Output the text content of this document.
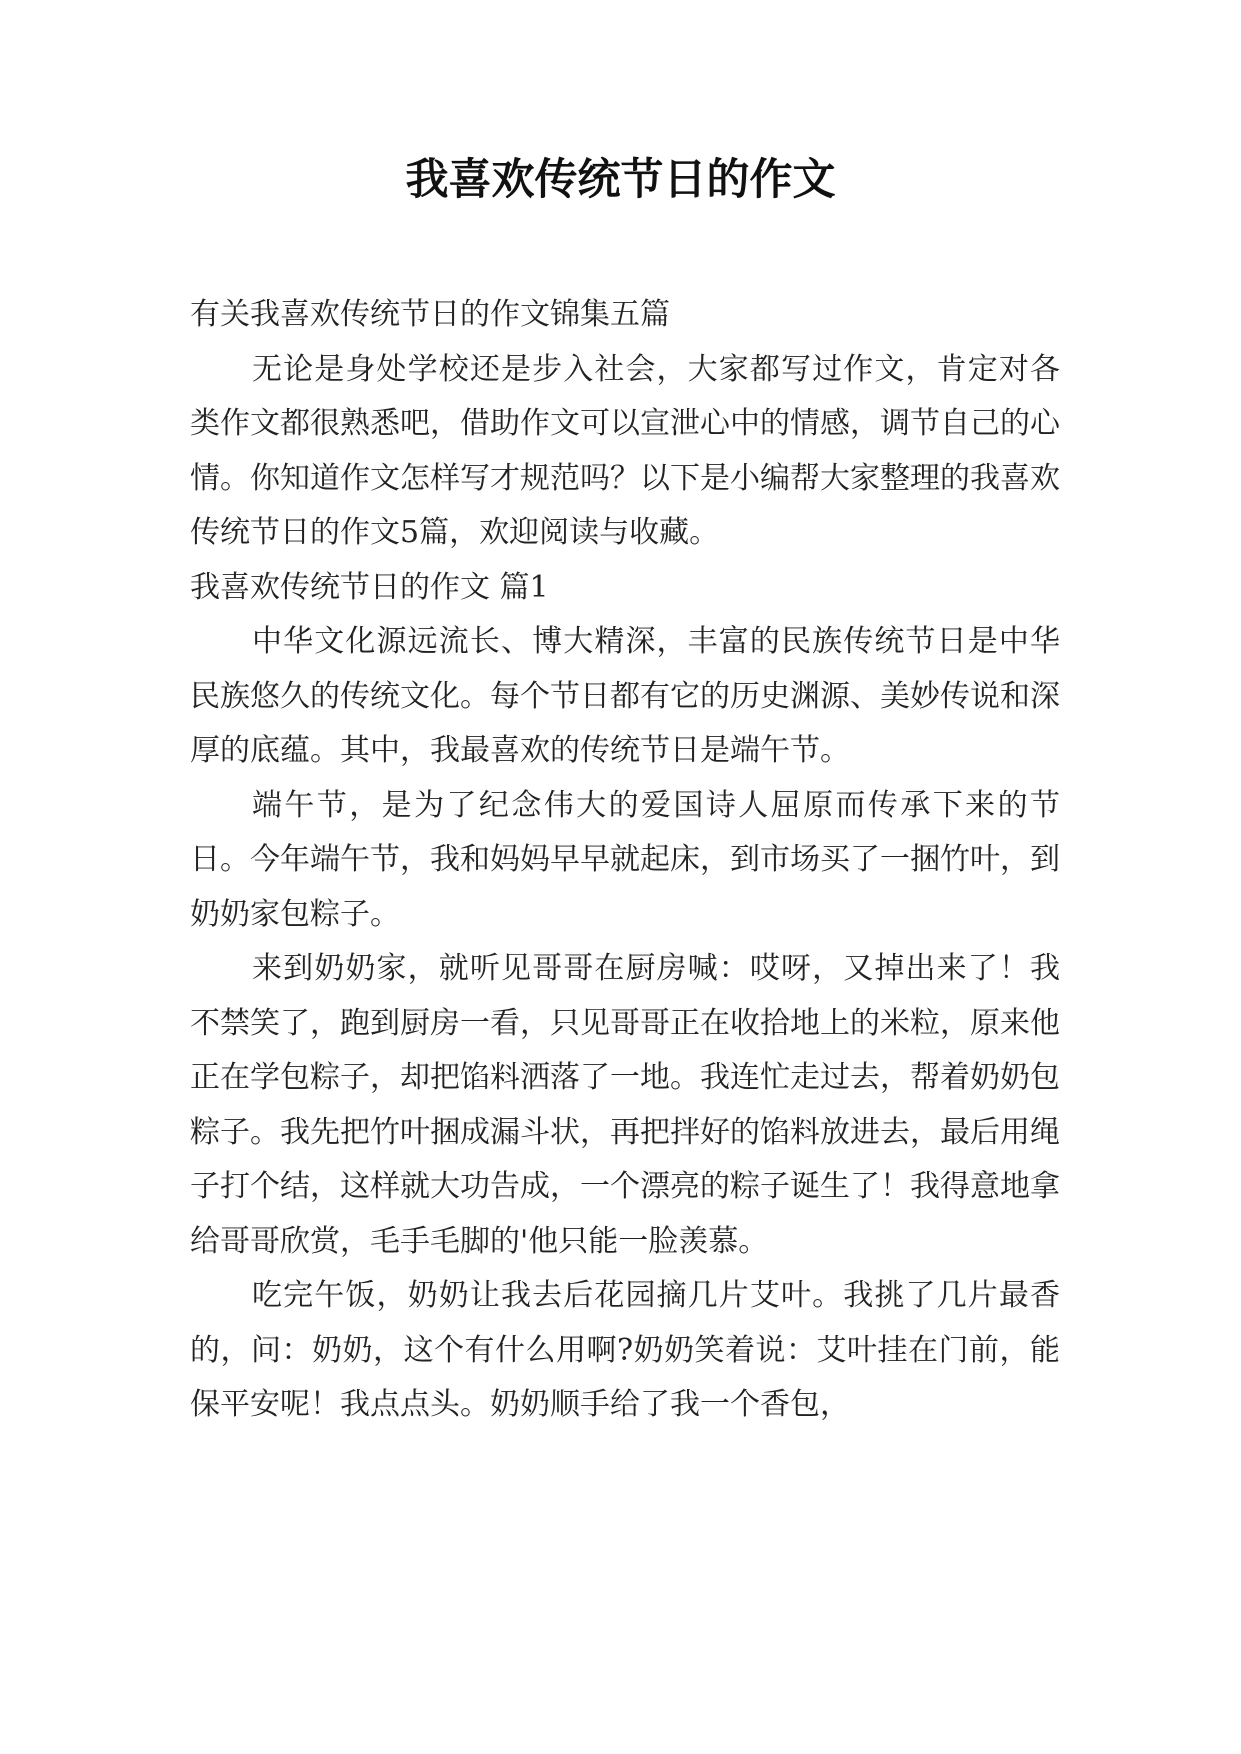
我喜欢传统节日的作文

有关我喜欢传统节日的作文锦集五篇

无论是身处学校还是步入社会，大家都写过作文，肯定对各类作文都很熟悉吧，借助作文可以宣泄心中的情感，调节自己的心情。你知道作文怎样写才规范吗？以下是小编帮大家整理的我喜欢传统节日的作文5篇，欢迎阅读与收藏。

我喜欢传统节日的作文 篇1

中华文化源远流长、博大精深，丰富的民族传统节日是中华民族悠久的传统文化。每个节日都有它的历史渊源、美妙传说和深厚的底蕴。其中，我最喜欢的传统节日是端午节。

端午节，是为了纪念伟大的爱国诗人屈原而传承下来的节日。今年端午节，我和妈妈早早就起床，到市场买了一捆竹叶，到奶奶家包粽子。

来到奶奶家，就听见哥哥在厨房喊：哎呀，又掉出来了！我不禁笑了，跑到厨房一看，只见哥哥正在收拾地上的米粒，原来他正在学包粽子，却把馅料洒落了一地。我连忙走过去，帮着奶奶包粽子。我先把竹叶捆成漏斗状，再把拌好的馅料放进去，最后用绳子打个结，这样就大功告成，一个漂亮的粽子诞生了！我得意地拿给哥哥欣赏，毛手毛脚的'他只能一脸羡慕。

吃完午饭，奶奶让我去后花园摘几片艾叶。我挑了几片最香的，问：奶奶，这个有什么用啊?奶奶笑着说：艾叶挂在门前，能保平安呢！我点点头。奶奶顺手给了我一个香包，
